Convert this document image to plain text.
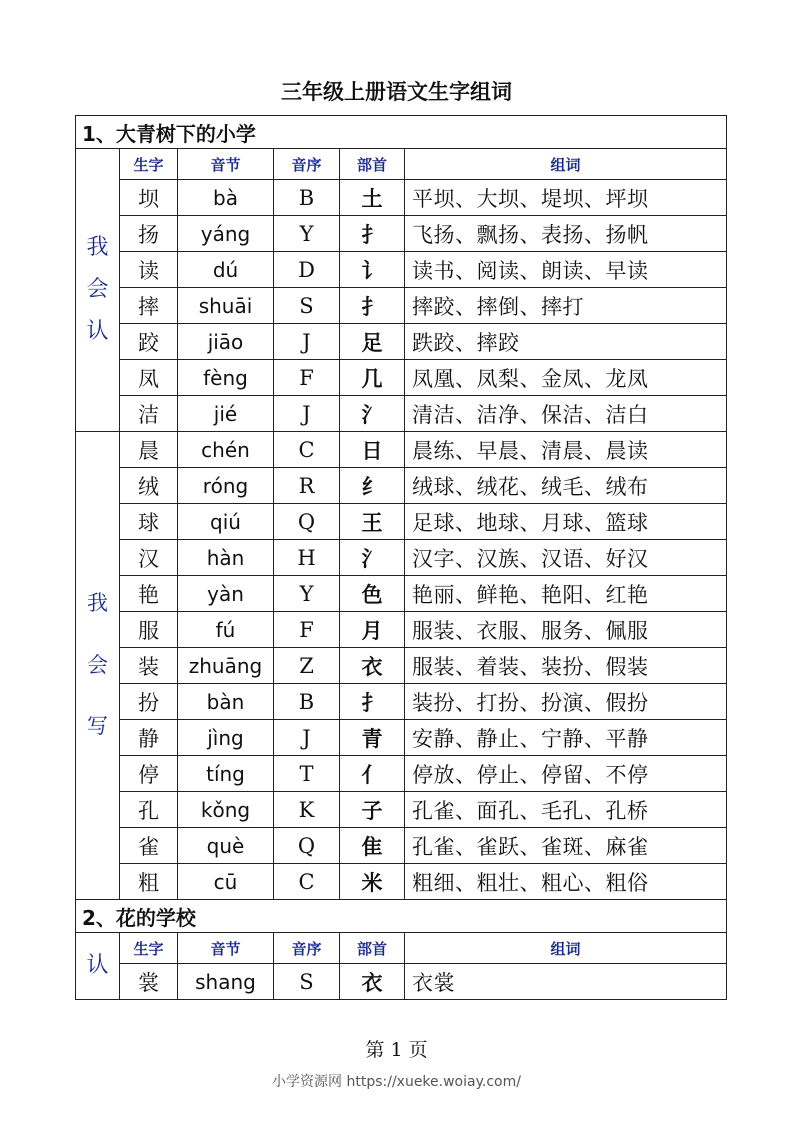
三年级上册语文生字组词
1、大青树下的小学					

我
会
认	生字	音节	音序	部首	组词
	坝	bà	B	土	平坝、大坝、堤坝、坪坝
	扬	yáng	Y	扌	飞扬、飘扬、表扬、扬帆
	读	dú	D	讠	读书、阅读、朗读、早读
	摔	shuāi	S	扌	摔跤、摔倒、摔打
	跤	jiāo	J	足	跌跤、摔跤
	凤	fèng	F	几	凤凰、凤梨、金凤、龙凤
	洁	jié	J	氵	清洁、洁净、保洁、洁白

我
会
写	晨	chén	C	日	晨练、早晨、清晨、晨读
	绒	róng	R	纟	绒球、绒花、绒毛、绒布
	球	qiú	Q	王	足球、地球、月球、篮球
	汉	hàn	H	氵	汉字、汉族、汉语、好汉
	艳	yàn	Y	色	艳丽、鲜艳、艳阳、红艳
	服	fú	F	月	服装、衣服、服务、佩服
	装	zhuāng	Z	衣	服装、着装、装扮、假装
	扮	bàn	B	扌	装扮、打扮、扮演、假扮
	静	jìng	J	青	安静、静止、宁静、平静
	停	tíng	T	亻	停放、停止、停留、不停
	孔	kǒng	K	子	孔雀、面孔、毛孔、孔桥
	雀	què	Q	隹	孔雀、雀跃、雀斑、麻雀
	粗	cū	C	米	粗细、粗壮、粗心、粗俗
2、花的学校					
认	生字	音节	音序	部首	组词
	裳	shang	S	衣	衣裳
第 1 页
小学资源网 https://xueke.woiay.com/
